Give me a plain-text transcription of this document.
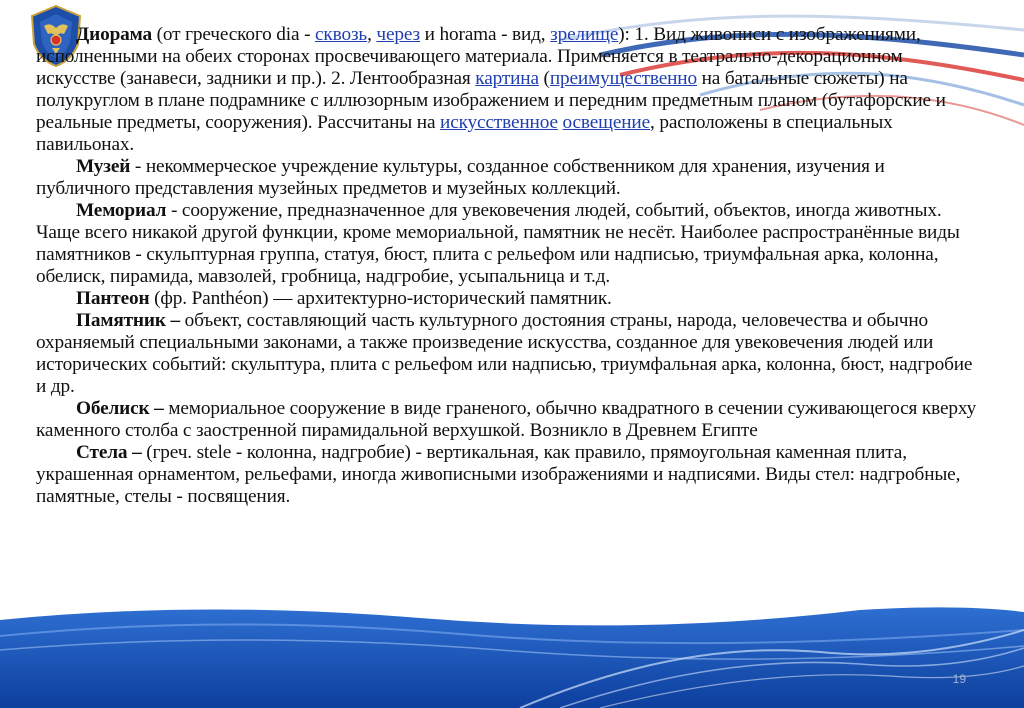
19

Диорама (от греческого dia - сквозь, через и horama - вид, зрелище): 1. Вид живописи с изображениями, исполненными на обеих сторонах просвечивающего материала. Применяется в театрально-декорационном искусстве (занавеси, задники и пр.). 2. Лентообразная картина (преимущественно на батальные сюжеты) на полукруглом в плане подрамнике с иллюзорным изображением и передним предметным планом (бутафорские и реальные предметы, сооружения). Рассчитаны на искусственное освещение, расположены в специальных павильонах.

Музей - некоммерческое учреждение культуры, созданное собственником для хранения, изучения и публичного представления музейных предметов и музейных коллекций.

Мемориал - сооружение, предназначенное для увековечения людей, событий, объектов, иногда животных. Чаще всего никакой другой функции, кроме мемориальной, памятник не несёт. Наиболее распространённые виды памятников - скульптурная группа, статуя, бюст, плита с рельефом или надписью, триумфальная арка, колонна, обелиск, пирамида, мавзолей, гробница, надгробие, усыпальница и т.д.

Пантеон (фр. Panthéon) — архитектурно-исторический памятник.

Памятник – объект, составляющий часть культурного достояния страны, народа, человечества и обычно охраняемый специальными законами, а также произведение искусства, созданное для увековечения людей или исторических событий: скульптура, плита с рельефом или надписью, триумфальная арка, колонна, бюст, надгробие и др.

Обелиск – мемориальное сооружение в виде граненого, обычно квадратного в сечении суживающегося кверху каменного столба с заостренной пирамидальной верхушкой. Возникло в Древнем Египте

Стела – (греч. stele - колонна, надгробие) - вертикальная, как правило, прямоугольная каменная плита, украшенная орнаментом, рельефами, иногда живописными изображениями и надписями. Виды стел: надгробные, памятные, стелы - посвящения.
